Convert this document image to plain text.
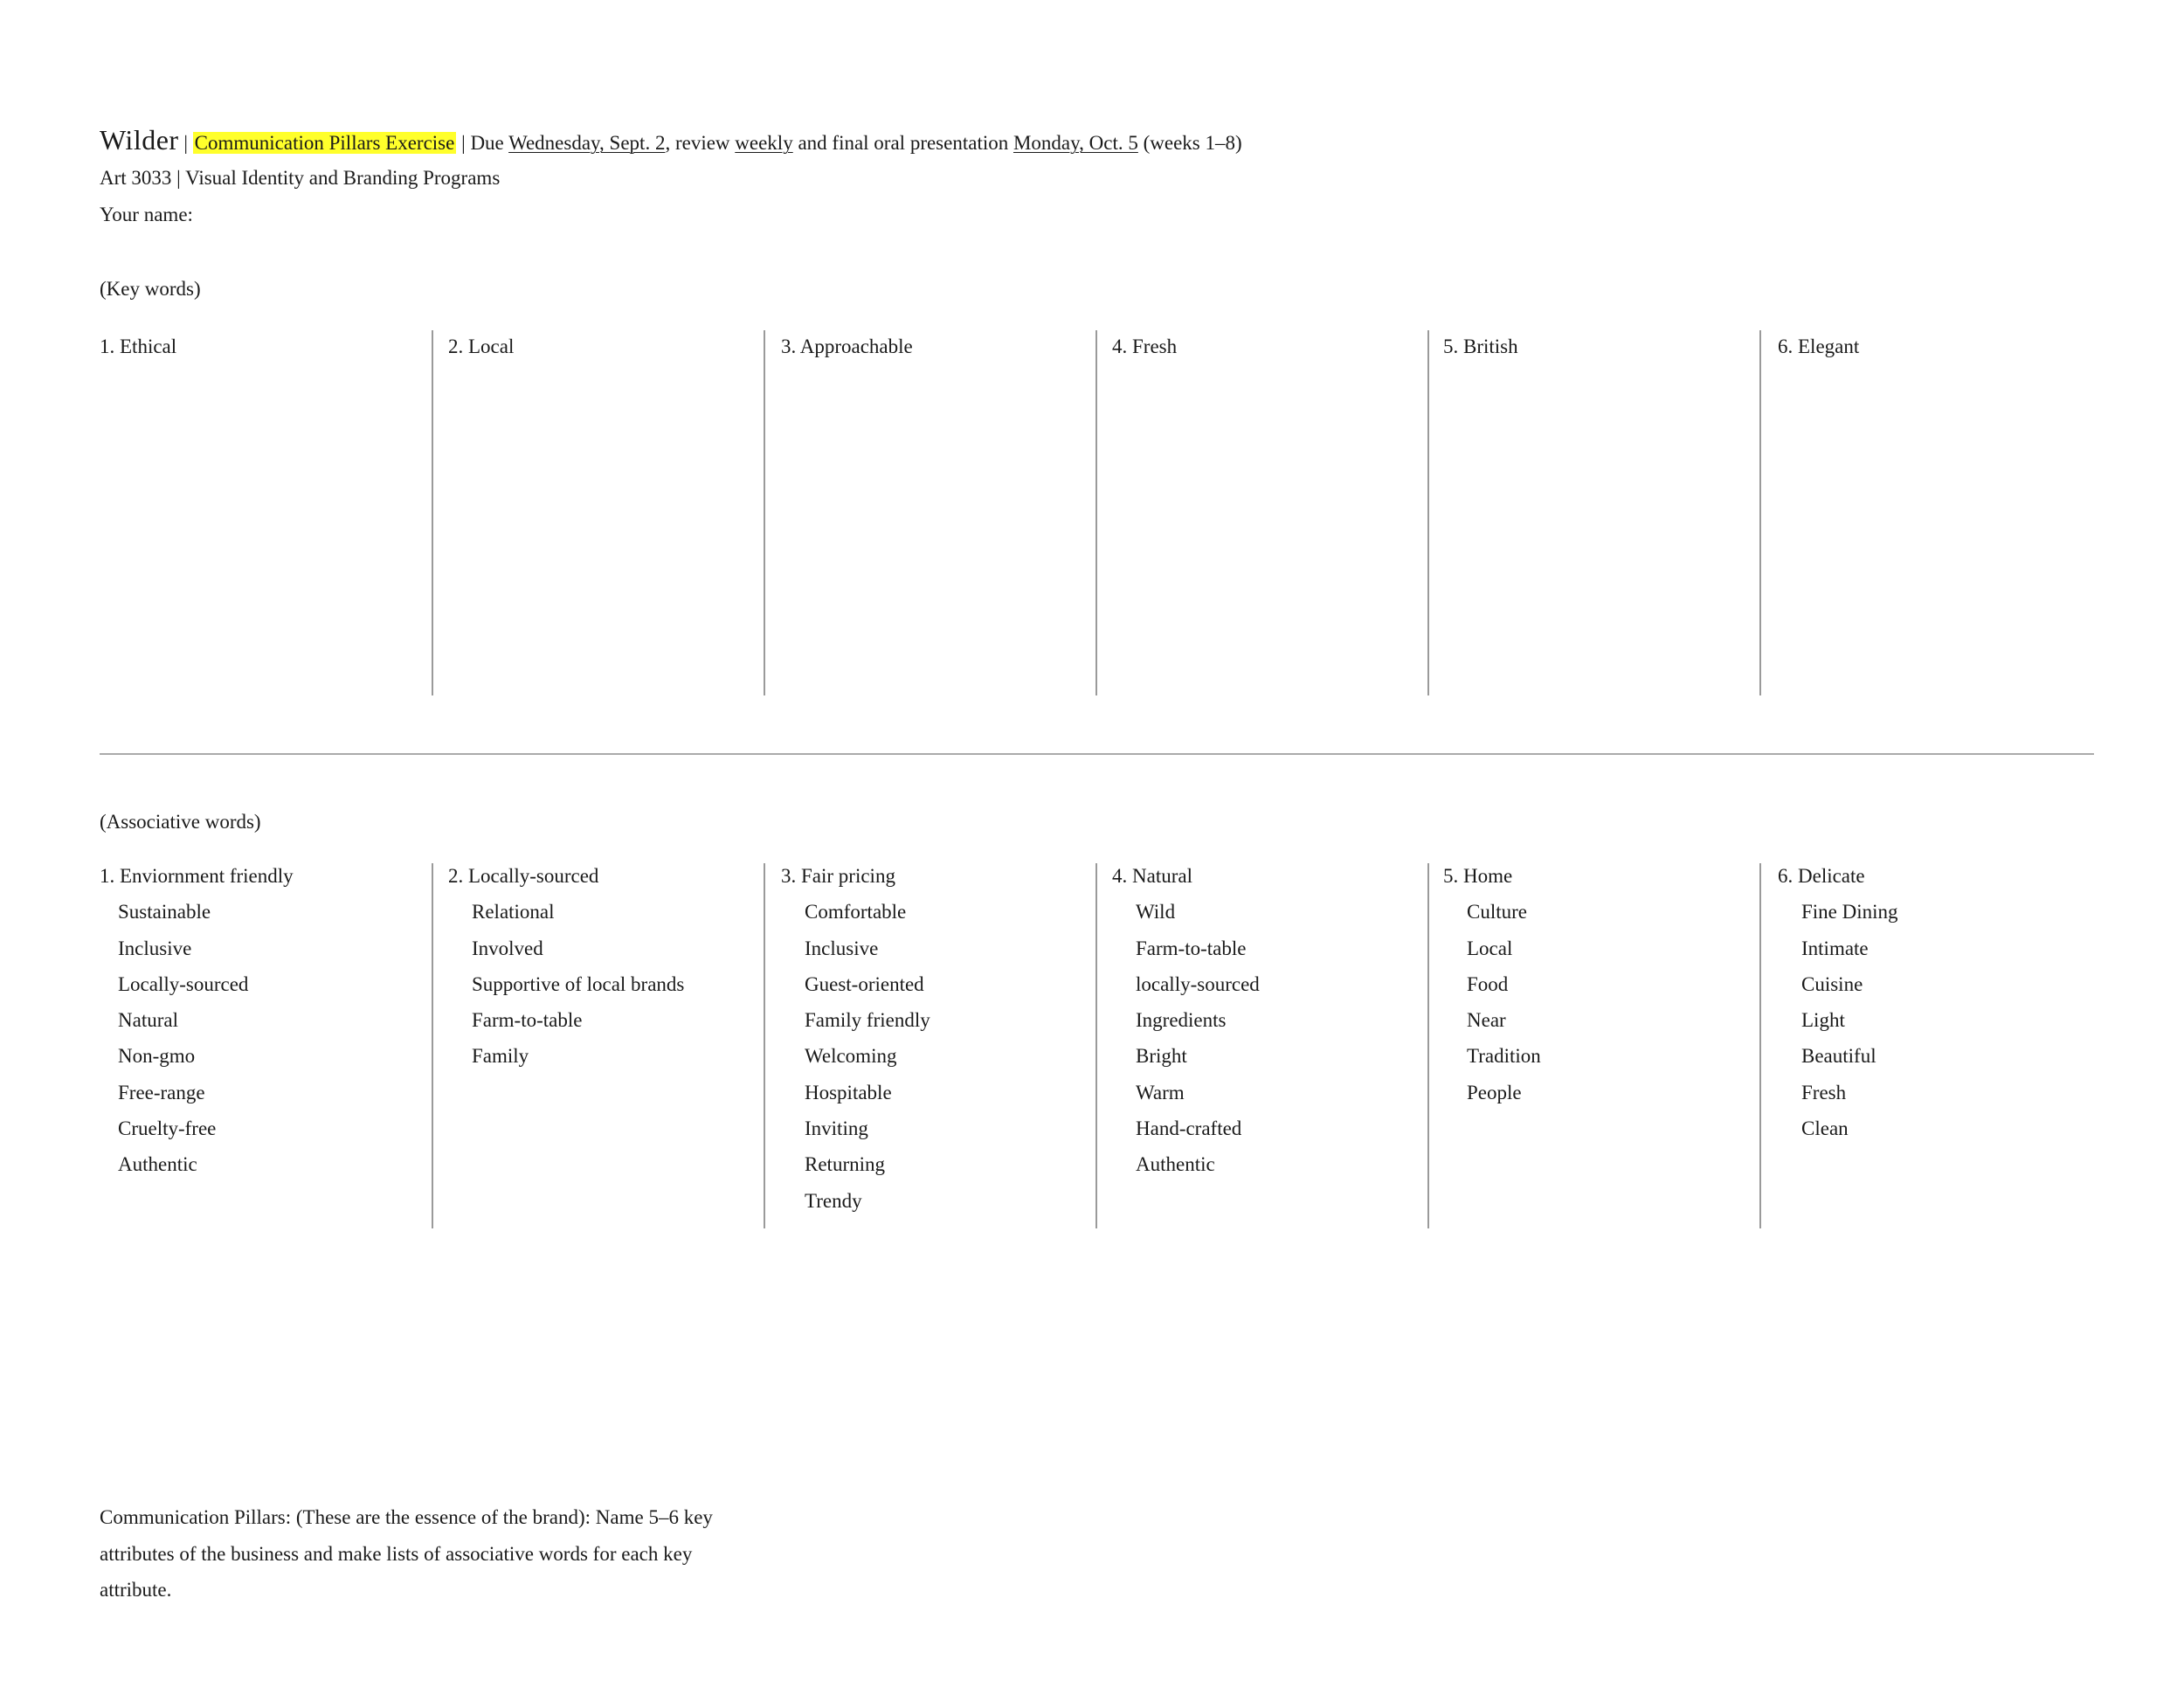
Wilder | Communication Pillars Exercise | Due Wednesday, Sept. 2, review weekly and final oral presentation Monday, Oct. 5 (weeks 1–8)
Art 3033 | Visual Identity and Branding Programs
Your name:
(Key words)
1. Ethical	2. Local	3. Approachable	4. Fresh	5. British	6. Elegant
(Associative words)
1. Enviornment friendly
Sustainable
Inclusive
Locally-sourced
Natural
Non-gmo
Free-range
Cruelty-free
Authentic
2. Locally-sourced
Relational
Involved
Supportive of local brands
Farm-to-table
Family
3. Fair pricing
Comfortable
Inclusive
Guest-oriented
Family friendly
Welcoming
Hospitable
Inviting
Returning
Trendy
4. Natural
Wild
Farm-to-table
locally-sourced
Ingredients
Bright
Warm
Hand-crafted
Authentic
5. Home
Culture
Local
Food
Near
Tradition
People
6. Delicate
Fine Dining
Intimate
Cuisine
Light
Beautiful
Fresh
Clean
Communication Pillars: (These are the essence of the brand): Name 5–6 key attributes of the business and make lists of associative words for each key attribute.
